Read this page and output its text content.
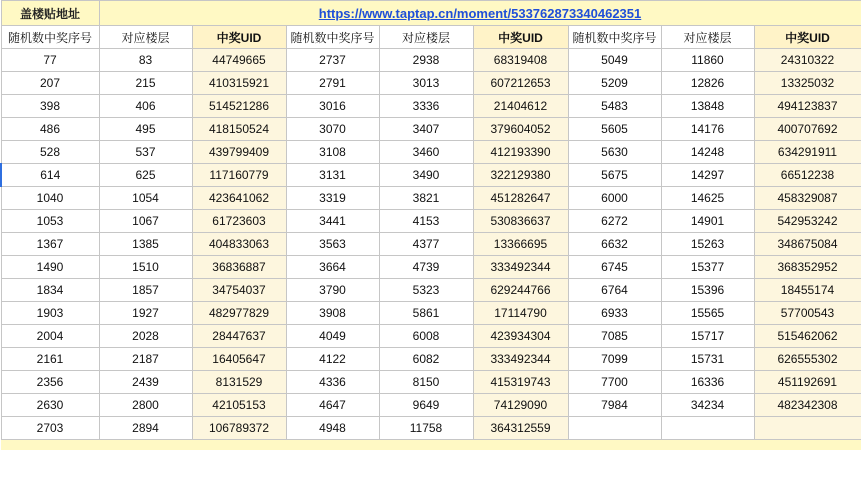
盖楼贴地址	https://www.taptap.cn/moment/533762873340462351							
随机数中奖序号	对应楼层	中奖UID	随机数中奖序号	对应楼层	中奖UID	随机数中奖序号	对应楼层	中奖UID
77	83	44749665	2737	2938	68319408	5049	11860	24310322
207	215	410315921	2791	3013	607212653	5209	12826	13325032
398	406	514521286	3016	3336	21404612	5483	13848	494123837
486	495	418150524	3070	3407	379604052	5605	14176	400707692
528	537	439799409	3108	3460	412193390	5630	14248	634291911
614	625	117160779	3131	3490	322129380	5675	14297	66512238
1040	1054	423641062	3319	3821	451282647	6000	14625	458329087
1053	1067	61723603	3441	4153	530836637	6272	14901	542953242
1367	1385	404833063	3563	4377	13366695	6632	15263	348675084
1490	1510	36836887	3664	4739	333492344	6745	15377	368352952
1834	1857	34754037	3790	5323	629244766	6764	15396	18455174
1903	1927	482977829	3908	5861	17114790	6933	15565	57700543
2004	2028	28447637	4049	6008	423934304	7085	15717	515462062
2161	2187	16405647	4122	6082	333492344	7099	15731	626555302
2356	2439	8131529	4336	8150	415319743	7700	16336	451192691
2630	2800	42105153	4647	9649	74129090	7984	34234	482342308
2703	2894	106789372	4948	11758	364312559			
